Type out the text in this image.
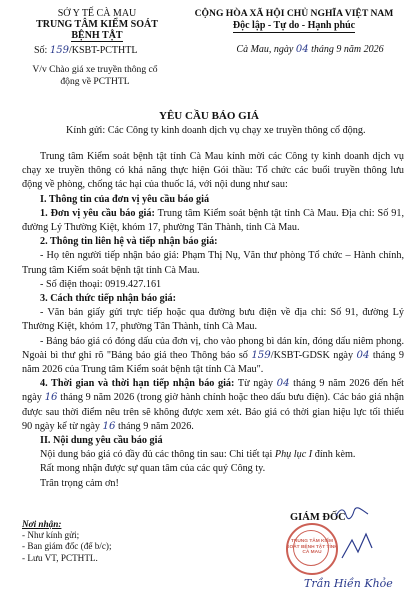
SỞ Y TẾ CÀ MAU
TRUNG TÂM KIỂM SOÁT
BỆNH TẬT
Số: 159/KSBT-PCTHTL
V/v Chào giá xe truyền thông cổ
động về PCTHTL
CỘNG HÒA XÃ HỘI CHỦ NGHĨA VIỆT NAM
Độc lập - Tự do - Hạnh phúc
Cà Mau, ngày 04 tháng 9 năm 2026
YÊU CẦU BÁO GIÁ
Kính gửi: Các Công ty kinh doanh dịch vụ chạy xe truyền thông cổ động.
Trung tâm Kiểm soát bệnh tật tỉnh Cà Mau kính mời các Công ty kinh doanh dịch vụ chạy xe truyền thông có khả năng thực hiện Gói thầu: Tổ chức các buổi truyền thông lưu động về phòng, chống tác hại của thuốc lá, với nội dung như sau:
I. Thông tin của đơn vị yêu cầu báo giá
1. Đơn vị yêu cầu báo giá: Trung tâm Kiểm soát bệnh tật tỉnh Cà Mau. Địa chỉ: Số 91, đường Lý Thường Kiệt, khóm 17, phường Tân Thành, tỉnh Cà Mau.
2. Thông tin liên hệ và tiếp nhận báo giá:
- Họ tên người tiếp nhận báo giá: Phạm Thị Nụ, Văn thư phòng Tổ chức – Hành chính, Trung tâm Kiểm soát bệnh tật tỉnh Cà Mau.
- Số điện thoại: 0919.427.161
3. Cách thức tiếp nhận báo giá:
- Văn bản giấy gửi trực tiếp hoặc qua đường bưu điện về địa chỉ: Số 91, đường Lý Thường Kiệt, khóm 17, phường Tân Thành, tỉnh Cà Mau.
- Bảng báo giá có đóng dấu của đơn vị, cho vào phong bì dán kín, đóng dấu niêm phong. Ngoài bì thư ghi rõ "Bảng báo giá theo Thông báo số 159/KSBT-GDSK ngày 04 tháng 9 năm 2026 của Trung tâm Kiểm soát bệnh tật tỉnh Cà Mau".
4. Thời gian và thời hạn tiếp nhận báo giá: Từ ngày 04 tháng 9 năm 2026 đến hết ngày 16 tháng 9 năm 2026 (trong giờ hành chính hoặc theo dấu bưu điện). Các báo giá nhận được sau thời điểm nêu trên sẽ không được xem xét. Báo giá có thời gian hiệu lực tối thiểu 90 ngày kể từ ngày 16 tháng 9 năm 2026.
II. Nội dung yêu cầu báo giá
Nội dung báo giá có đầy đủ các thông tin sau: Chi tiết tại Phụ lục I đính kèm.
Rất mong nhận được sự quan tâm của các quý Công ty.
Trân trọng cảm ơn!
Nơi nhận:
- Như kính gửi;
- Ban giám đốc (để b/c);
- Lưu VT, PCTHTL.
GIÁM ĐỐC
TRUNG TÂM KIỂM SOÁT BỆNH TẬT TỈNH CÀ MAU
Trần Hiền Khỏe
